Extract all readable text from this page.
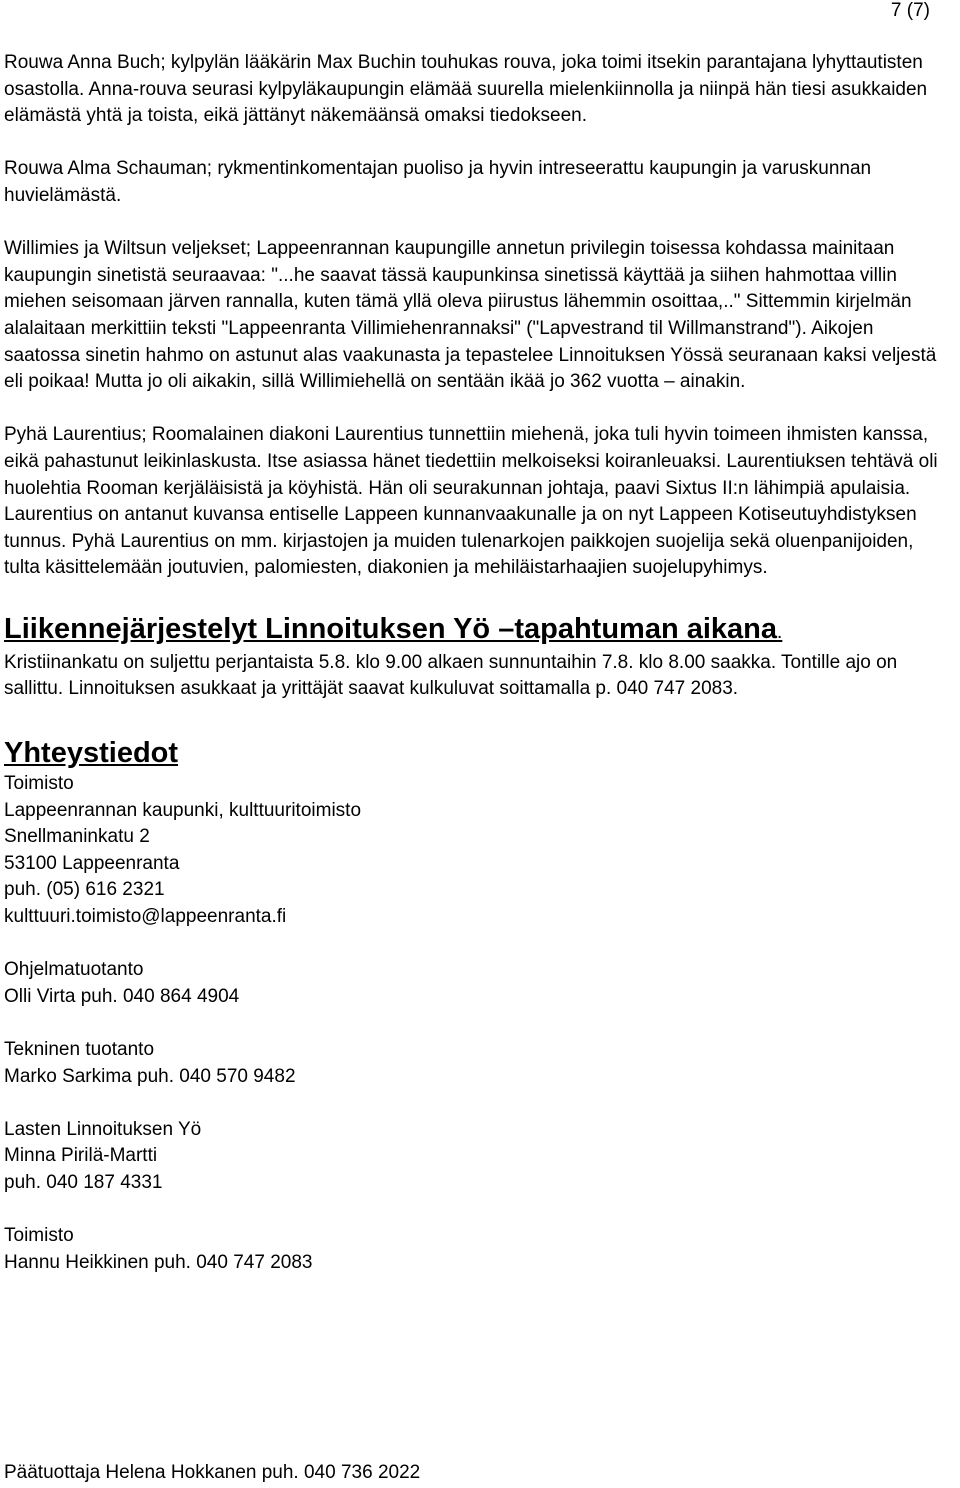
7 (7)

Rouwa Anna Buch; kylpylän lääkärin Max Buchin touhukas rouva, joka toimi itsekin parantajana lyhyttautisten osastolla. Anna-rouva seurasi kylpyläkaupungin elämää suurella mielenkiinnolla ja niinpä hän tiesi asukkaiden elämästä yhtä ja toista, eikä jättänyt näkemäänsä omaksi tiedokseen.

Rouwa Alma Schauman; rykmentinkomentajan puoliso ja hyvin intreseerattu kaupungin ja varuskunnan huvielämästä.

Willimies ja Wiltsun veljekset; Lappeenrannan kaupungille annetun privilegin toisessa kohdassa mainitaan kaupungin sinetistä seuraavaa: "...he saavat tässä kaupunkinsa sinetissä käyttää ja siihen hahmottaa villin miehen seisomaan järven rannalla, kuten tämä yllä oleva piirustus lähemmin osoittaa,.." Sittemmin kirjelmän alalaitaan merkittiin teksti "Lappeenranta Villimiehenrannaksi" ("Lapvestrand til Willmanstrand"). Aikojen saatossa sinetin hahmo on astunut alas vaakunasta ja tepastelee Linnoituksen Yössä seuranaan kaksi veljestä eli poikaa! Mutta jo oli aikakin, sillä Willimiehellä on sentään ikää jo 362 vuotta – ainakin.

Pyhä Laurentius; Roomalainen diakoni Laurentius tunnettiin miehenä, joka tuli hyvin toimeen ihmisten kanssa, eikä pahastunut leikinlaskusta. Itse asiassa hänet tiedettiin melkoiseksi koiranleuaksi. Laurentiuksen tehtävä oli huolehtia Rooman kerjäläisistä ja köyhistä. Hän oli seurakunnan johtaja, paavi Sixtus II:n lähimpiä apulaisia.

Laurentius on antanut kuvansa entiselle Lappeen kunnanvaakunalle ja on nyt Lappeen Kotiseutuyhdistyksen tunnus. Pyhä Laurentius on mm. kirjastojen ja muiden tulenarkojen paikkojen suojelija sekä oluenpanijoiden, tulta käsittelemään joutuvien, palomiesten, diakonien ja mehiläistarhaajien suojelupyhimys.

Liikennejärjestelyt Linnoituksen Yö –tapahtuman aikana.

Kristiinankatu on suljettu perjantaista 5.8. klo 9.00 alkaen sunnuntaihin 7.8. klo 8.00 saakka. Tontille ajo on sallittu. Linnoituksen asukkaat ja yrittäjät saavat kulkuluvat soittamalla p. 040 747 2083.

Yhteystiedot
Toimisto
Lappeenrannan kaupunki, kulttuuritoimisto
Snellmaninkatu 2
53100 Lappeenranta
puh. (05) 616 2321
kulttuuri.toimisto@lappeenranta.fi
Ohjelmatuotanto
Olli Virta puh. 040 864 4904
Tekninen tuotanto
Marko Sarkima puh. 040 570 9482
Lasten Linnoituksen Yö
Minna Pirilä-Martti
puh. 040 187 4331
Toimisto
Hannu Heikkinen puh. 040 747 2083
Päätuottaja Helena Hokkanen puh. 040 736 2022
